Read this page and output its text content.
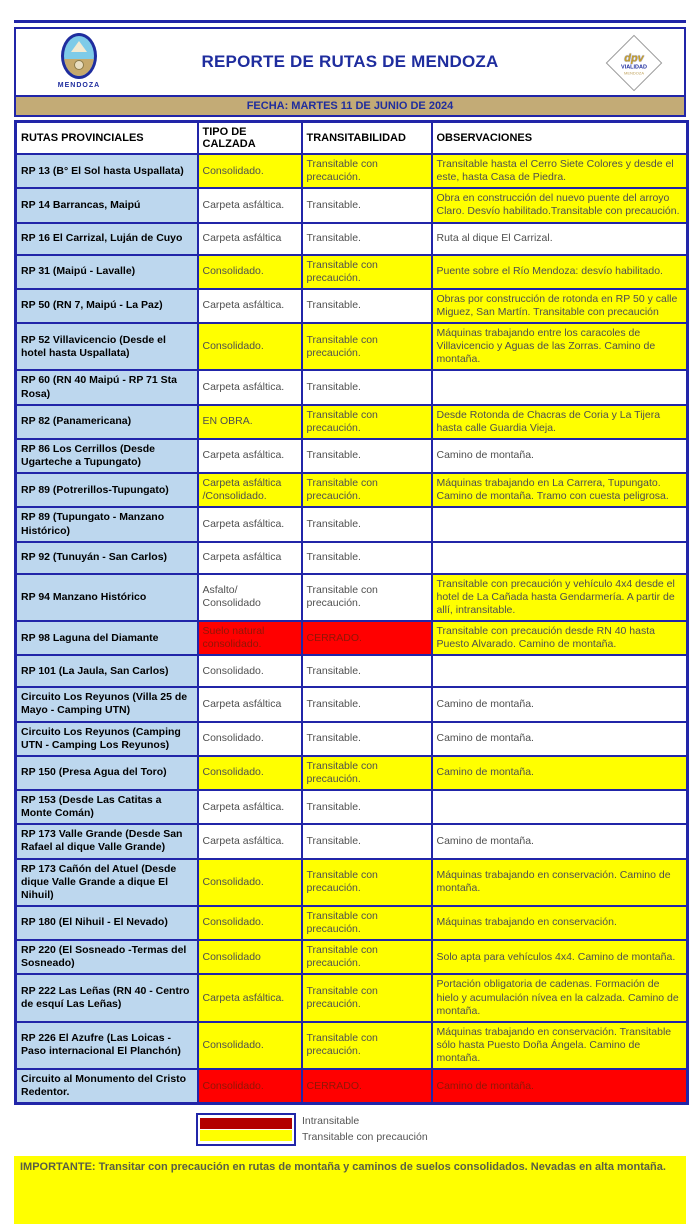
MENDOZA
REPORTE DE RUTAS DE MENDOZA	dpv
VIALIDAD
MENDOZA
FECHA: MARTES 11 DE JUNIO DE 2024
RUTAS PROVINCIALES	TIPO DE CALZADA	TRANSITABILIDAD	OBSERVACIONES
RP 13 (B° El Sol hasta Uspallata)	Consolidado.	Transitable con precaución.	Transitable hasta el Cerro Siete Colores y desde el este, hasta Casa de Piedra.
RP 14 Barrancas, Maipú	Carpeta asfáltica.	Transitable.	Obra en construcción del nuevo puente del arroyo Claro. Desvío habilitado.Transitable con precaución.
RP 16 El Carrizal, Luján de Cuyo	Carpeta asfáltica	Transitable.	Ruta al dique El Carrizal.
RP 31 (Maipú - Lavalle)	Consolidado.	Transitable con precaución.	Puente sobre el Río Mendoza: desvío habilitado.
RP 50 (RN 7, Maipú - La Paz)	Carpeta asfáltica.	Transitable.	Obras por construcción de rotonda en RP 50 y calle Miguez, San Martín. Transitable con precaución
RP 52 Villavicencio (Desde el hotel hasta Uspallata)	Consolidado.	Transitable con precaución.	Máquinas trabajando entre los caracoles de Villavicencio y Aguas de las Zorras. Camino de montaña.
RP 60 (RN 40 Maipú - RP 71 Sta Rosa)	Carpeta asfáltica.	Transitable.	
RP 82 (Panamericana)	EN OBRA.	Transitable con precaución.	Desde Rotonda de Chacras de Coria y La Tijera hasta calle Guardia Vieja.
RP 86 Los Cerrillos (Desde Ugarteche a Tupungato)	Carpeta asfáltica.	Transitable.	Camino de montaña.
RP 89 (Potrerillos-Tupungato)	Carpeta asfáltica /Consolidado.	Transitable con precaución.	Máquinas trabajando en La Carrera, Tupungato. Camino de montaña. Tramo con cuesta peligrosa.
RP 89 (Tupungato - Manzano Histórico)	Carpeta asfáltica.	Transitable.	
RP 92 (Tunuyán - San Carlos)	Carpeta asfáltica	Transitable.	
RP 94 Manzano Histórico	Asfalto/ Consolidado	Transitable con precaución.	Transitable con precaución y vehículo 4x4 desde el hotel de La Cañada hasta Gendarmería. A partir de allí, intransitable.
RP 98 Laguna del Diamante	Suelo natural consolidado.	CERRADO.	Transitable con precaución desde RN 40 hasta Puesto Alvarado. Camino de montaña.
RP 101 (La Jaula, San Carlos)	Consolidado.	Transitable.	
Circuito Los Reyunos (Villa 25 de Mayo - Camping UTN)	Carpeta asfáltica	Transitable.	Camino de montaña.
Circuito Los Reyunos (Camping UTN - Camping Los Reyunos)	Consolidado.	Transitable.	Camino de montaña.
RP 150 (Presa Agua del Toro)	Consolidado.	Transitable con precaución.	Camino de montaña.
RP 153 (Desde Las Catitas a Monte Comán)	Carpeta asfáltica.	Transitable.	
RP 173 Valle Grande (Desde San Rafael al dique Valle Grande)	Carpeta asfáltica.	Transitable.	Camino de montaña.
RP 173 Cañón del Atuel (Desde dique Valle Grande a dique El Nihuil)	Consolidado.	Transitable con precaución.	Máquinas trabajando en conservación. Camino de montaña.
RP 180 (El Nihuil - El Nevado)	Consolidado.	Transitable con precaución.	Máquinas trabajando en conservación.
RP 220 (El Sosneado -Termas del Sosneado)	Consolidado	Transitable con precaución.	Solo apta para vehículos 4x4. Camino de montaña.
RP 222 Las Leñas (RN 40 - Centro de esquí Las Leñas)	Carpeta asfáltica.	Transitable con precaución.	Portación obligatoria de cadenas. Formación de hielo y acumulación nívea en la calzada. Camino de montaña.
RP 226 El Azufre (Las Loicas - Paso internacional El Planchón)	Consolidado.	Transitable con precaución.	Máquinas trabajando en conservación. Transitable sólo hasta Puesto Doña Ángela. Camino de montaña.
Circuito al Monumento del Cristo Redentor.	Consolidado.	CERRADO.	Camino de montaña.
Intransitable
Transitable con precaución
IMPORTANTE: Transitar con precaución en rutas de montaña y caminos de suelos consolidados. Nevadas en alta montaña.
